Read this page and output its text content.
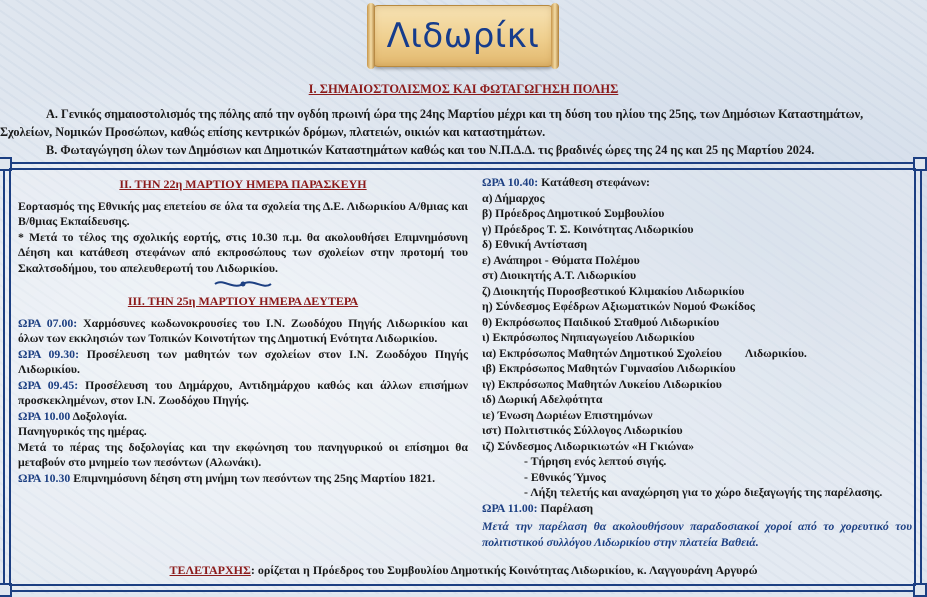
Λιδωρίκι
Ι. ΣΗΜΑΙΟΣΤΟΛΙΣΜΟΣ ΚΑΙ ΦΩΤΑΓΩΓΗΣΗ ΠΟΛΗΣ
Α. Γενικός σημαιοστολισμός της πόλης από την ογδόη πρωινή ώρα της 24ης Μαρτίου μέχρι και τη δύση του ηλίου της 25ης, των Δημόσιων Καταστημάτων,
Σχολείων, Νομικών Προσώπων, καθώς επίσης κεντρικών δρόμων, πλατειών, οικιών και καταστημάτων.
Β. Φωταγώγηση όλων των Δημόσιων και Δημοτικών Καταστημάτων καθώς και του Ν.Π.Δ.Δ. τις βραδινές ώρες της 24 ης και 25 ης Μαρτίου 2024.
ΙΙ. ΤΗΝ 22η ΜΑΡΤΙΟΥ ΗΜΕΡΑ ΠΑΡΑΣΚΕΥΗ
Εορτασμός της Εθνικής μας επετείου σε όλα τα σχολεία της Δ.Ε. Λιδωρικίου Α/θμιας και Β/θμιας Εκπαίδευσης.
* Μετά το τέλος της σχολικής εορτής, στις 10.30 π.μ. θα ακολουθήσει Επιμνημόσυνη Δέηση και κατάθεση στεφάνων από εκπροσώπους των σχολείων στην προτομή του Σκαλτσοδήμου, του απελευθερωτή του Λιδωρικίου.
ΙΙΙ. ΤΗΝ 25η ΜΑΡΤΙΟΥ ΗΜΕΡΑ ΔΕΥΤΕΡΑ
ΩΡΑ 07.00: Χαρμόσυνες κωδωνοκρουσίες του Ι.Ν. Ζωοδόχου Πηγής Λιδωρικίου και όλων των εκκλησιών των Τοπικών Κοινοτήτων της Δημοτική Ενότητα Λιδωρικίου.
ΩΡΑ 09.30: Προσέλευση των μαθητών των σχολείων στον Ι.Ν. Ζωοδόχου Πηγής Λιδωρικίου.
ΩΡΑ 09.45: Προσέλευση του Δημάρχου, Αντιδημάρχου καθώς και άλλων επισήμων προσκεκλημένων, στον Ι.Ν. Ζωοδόχου Πηγής.
ΩΡΑ 10.00 Δοξολογία.
Πανηγυρικός της ημέρας.
Μετά το πέρας της δοξολογίας και την εκφώνηση του πανηγυρικού οι επίσημοι θα μεταβούν στο μνημείο των πεσόντων (Αλωνάκι).
ΩΡΑ 10.30 Επιμνημόσυνη δέηση στη μνήμη των πεσόντων της 25ης Μαρτίου 1821.
ΩΡΑ 10.40: Κατάθεση στεφάνων:
α) Δήμαρχος
β) Πρόεδρος Δημοτικού Συμβουλίου
γ) Πρόεδρος Τ. Σ. Κοινότητας Λιδωρικίου
δ) Εθνική Αντίσταση
ε) Ανάπηροι - Θύματα Πολέμου
στ) Διοικητής Α.Τ. Λιδωρικίου
ζ) Διοικητής Πυροσβεστικού Κλιμακίου Λιδωρικίου
η) Σύνδεσμος Εφέδρων Αξιωματικών Νομού Φωκίδος
θ) Εκπρόσωπος Παιδικού Σταθμού Λιδωρικίου
ι) Εκπρόσωπος Νηπιαγωγείου Λιδωρικίου
ια) Εκπρόσωπος Μαθητών Δημοτικού Σχολείου        Λιδωρικίου.
ιβ) Εκπρόσωπος Μαθητών Γυμνασίου Λιδωρικίου
ιγ) Εκπρόσωπος Μαθητών Λυκείου Λιδωρικίου
ιδ) Δωρική Αδελφότητα
ιε) Ένωση Δωριέων Επιστημόνων
ιστ) Πολιτιστικός Σύλλογος Λιδωρικίου
ιζ) Σύνδεσμος Λιδωρικιωτών «Η Γκιώνα»
- Τήρηση ενός λεπτού σιγής.
- Εθνικός Ύμνος
- Λήξη τελετής και αναχώρηση για το χώρο διεξαγωγής της παρέλασης.
ΩΡΑ 11.00: Παρέλαση
Μετά την παρέλαση θα ακολουθήσουν παραδοσιακοί χοροί από το χορευτικό του πολιτιστικού συλλόγου Λιδωρικίου στην πλατεία Βαθειά.
ΤΕΛΕΤΑΡΧΗΣ: ορίζεται η Πρόεδρος του Συμβουλίου Δημοτικής Κοινότητας Λιδωρικίου, κ. Λαγγουράνη Αργυρώ
